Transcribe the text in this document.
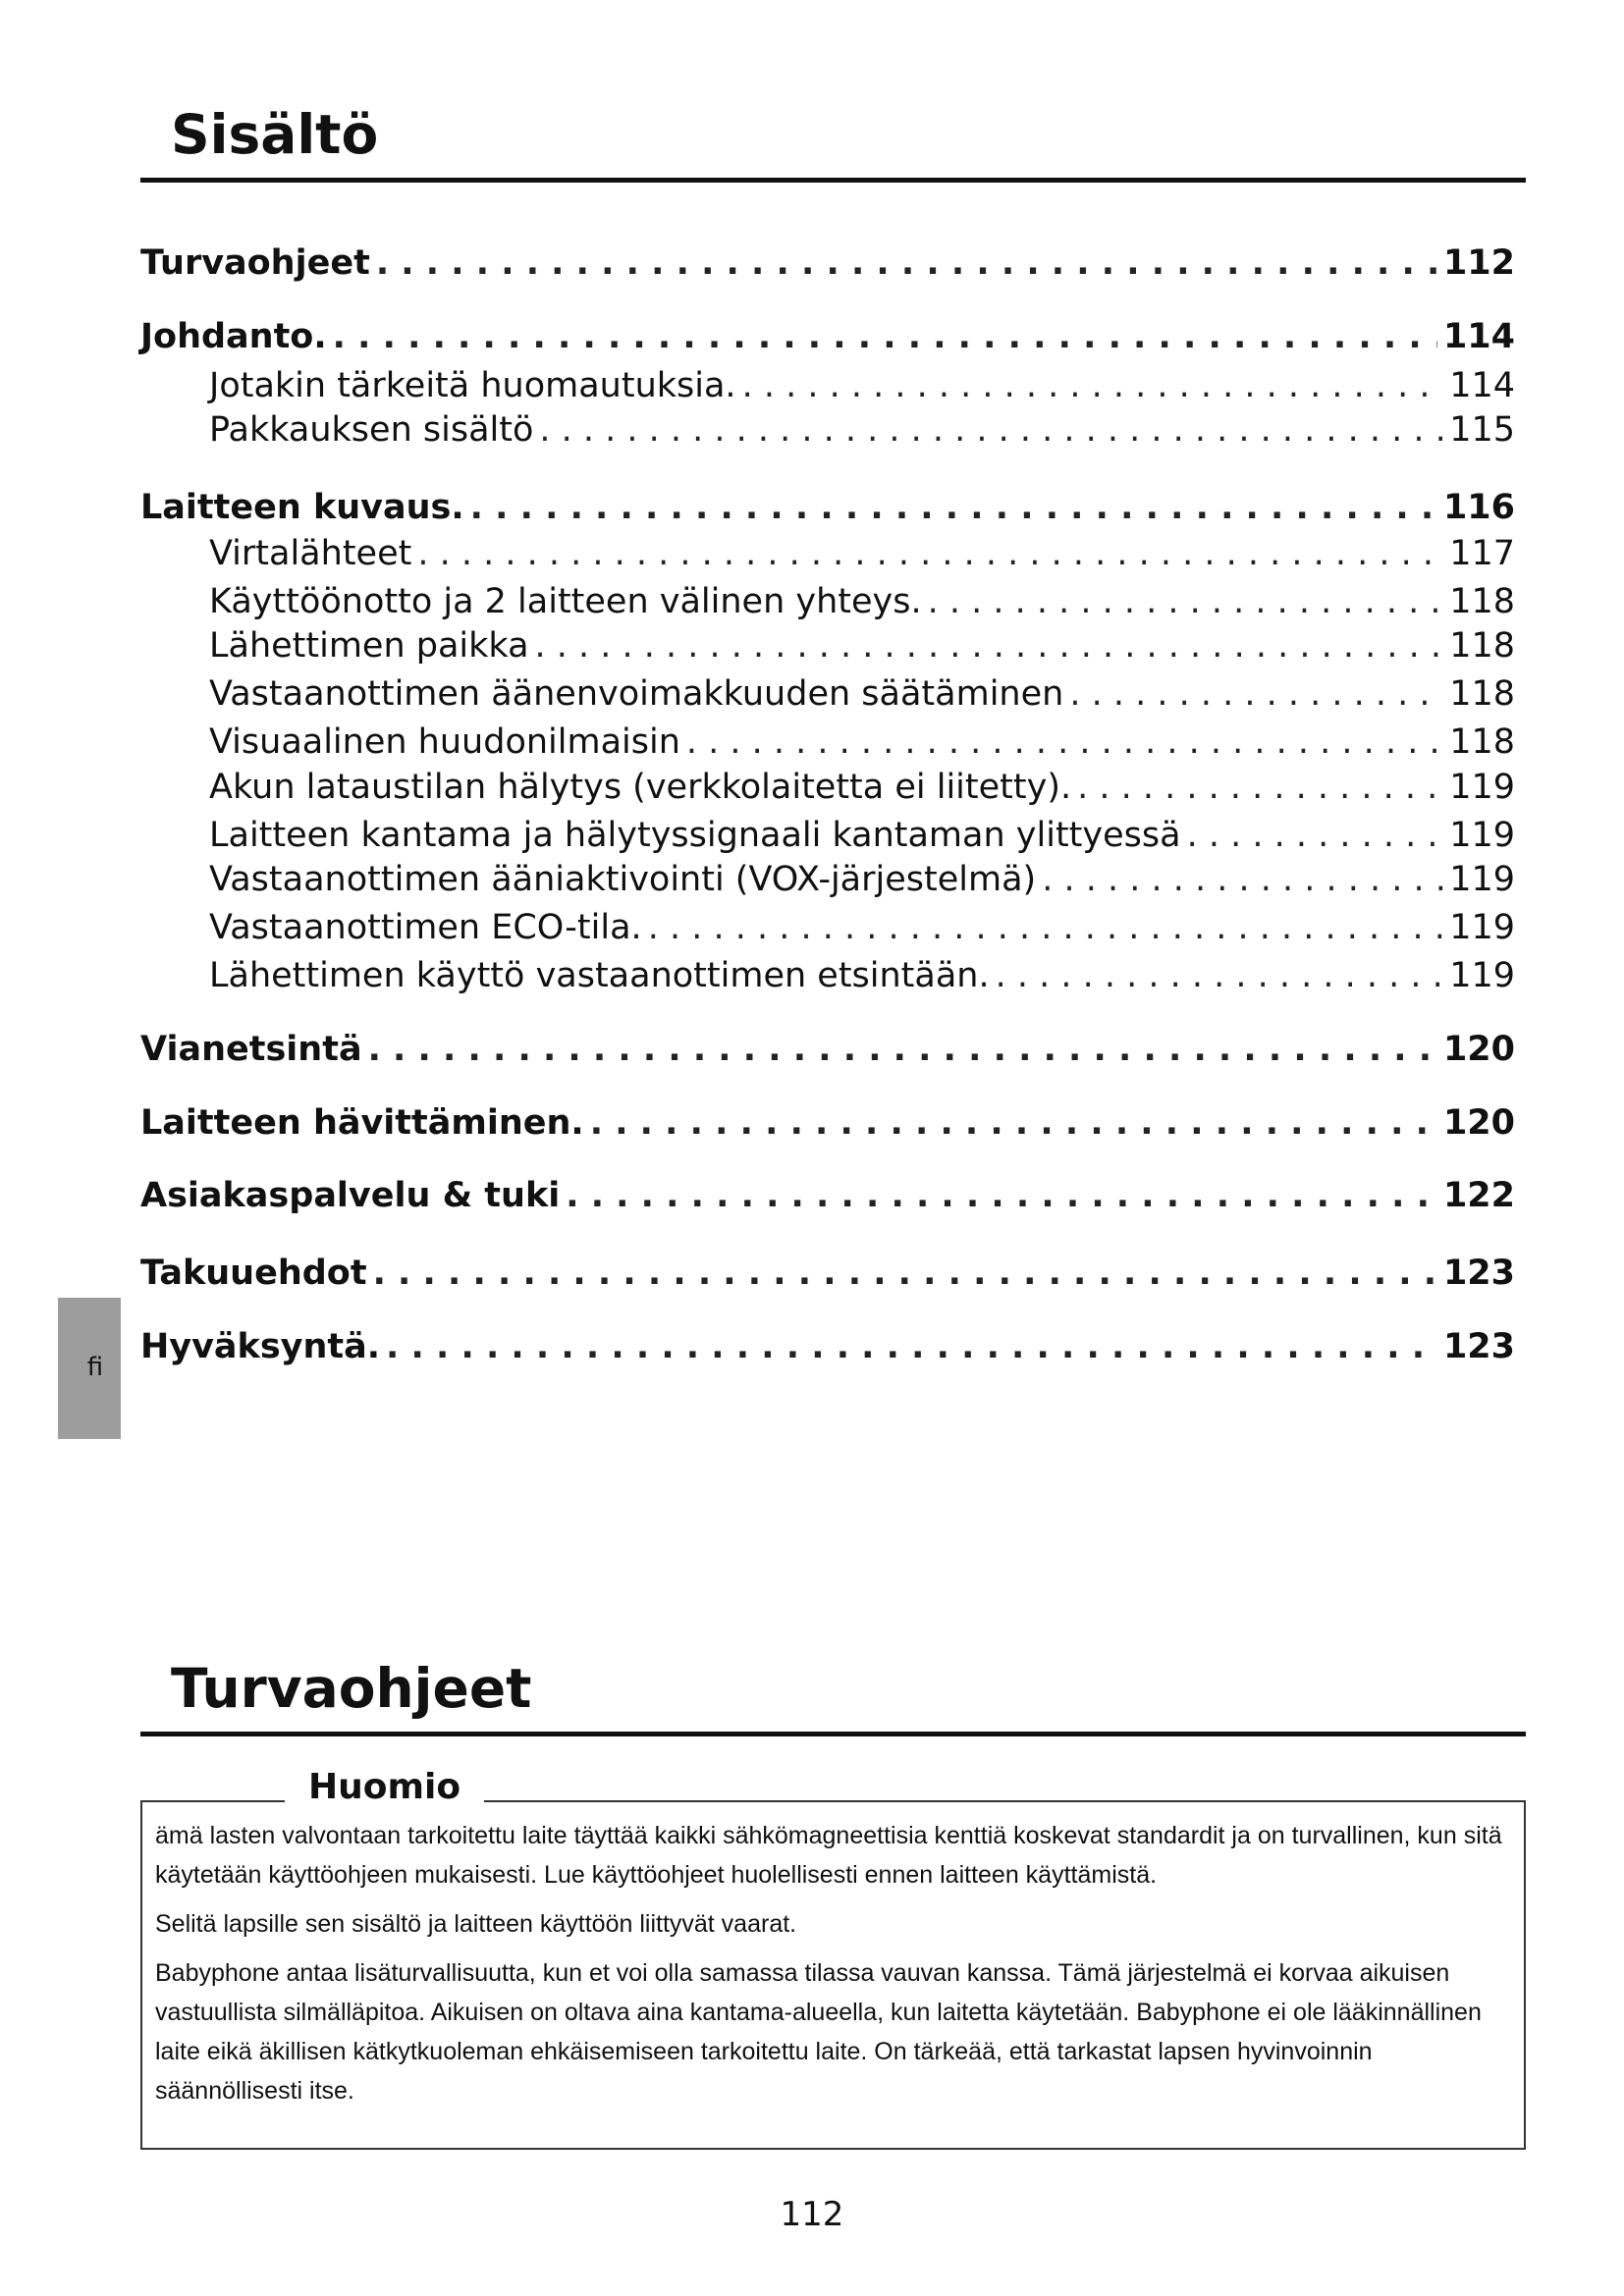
Sisältö
Turvaohjeet . . .	112
Johdanto. . . .	114
Jotakin tärkeitä huomautuksia. . . .	114
Pakkauksen sisältö . . .	115
Laitteen kuvaus. . . .	116
Virtalähteet . . .	117
Käyttöönotto ja 2 laitteen välinen yhteys. . . .	118
Lähettimen paikka . . .	118
Vastaanottimen äänenvoimakkuuden säätäminen . . .	118
Visuaalinen huudonilmaisin . . .	118
Akun lataustilan hälytys (verkkolaitetta ei liitetty). . . .	119
Laitteen kantama ja hälytyssignaali kantaman ylittyessä . . .	119
Vastaanottimen ääniaktivointi (VOX-järjestelmä) . . .	119
Vastaanottimen ECO-tila. . . .	119
Lähettimen käyttö vastaanottimen etsintään. . . .	119
Vianetsintä . . .	120
Laitteen hävittäminen. . . .	120
Asiakaspalvelu & tuki . . .	122
Takuuehdot . . .	123
Hyväksyntä. . . .	123
fi
Turvaohjeet
Huomio

ämä lasten valvontaan tarkoitettu laite täyttää kaikki sähkömagneettisia kenttiä koskevat standardit ja on turvallinen, kun sitä käytetään käyttöohjeen mukaisesti. Lue käyttöohjeet huolellisesti ennen laitteen käyttämistä.

Selitä lapsille sen sisältö ja laitteen käyttöön liittyvät vaarat.

Babyphone antaa lisäturvallisuutta, kun et voi olla samassa tilassa vauvan kanssa. Tämä järjestelmä ei korvaa aikuisen vastuullista silmälläpitoa. Aikuisen on oltava aina kantama-alueella, kun laitetta käytetään. Babyphone ei ole lääkinnällinen laite eikä äkillisen kätkytkuoleman ehkäisemiseen tarkoitettu laite. On tärkeää, että tarkastat lapsen hyvinvoinnin säännöllisesti itse.

112
